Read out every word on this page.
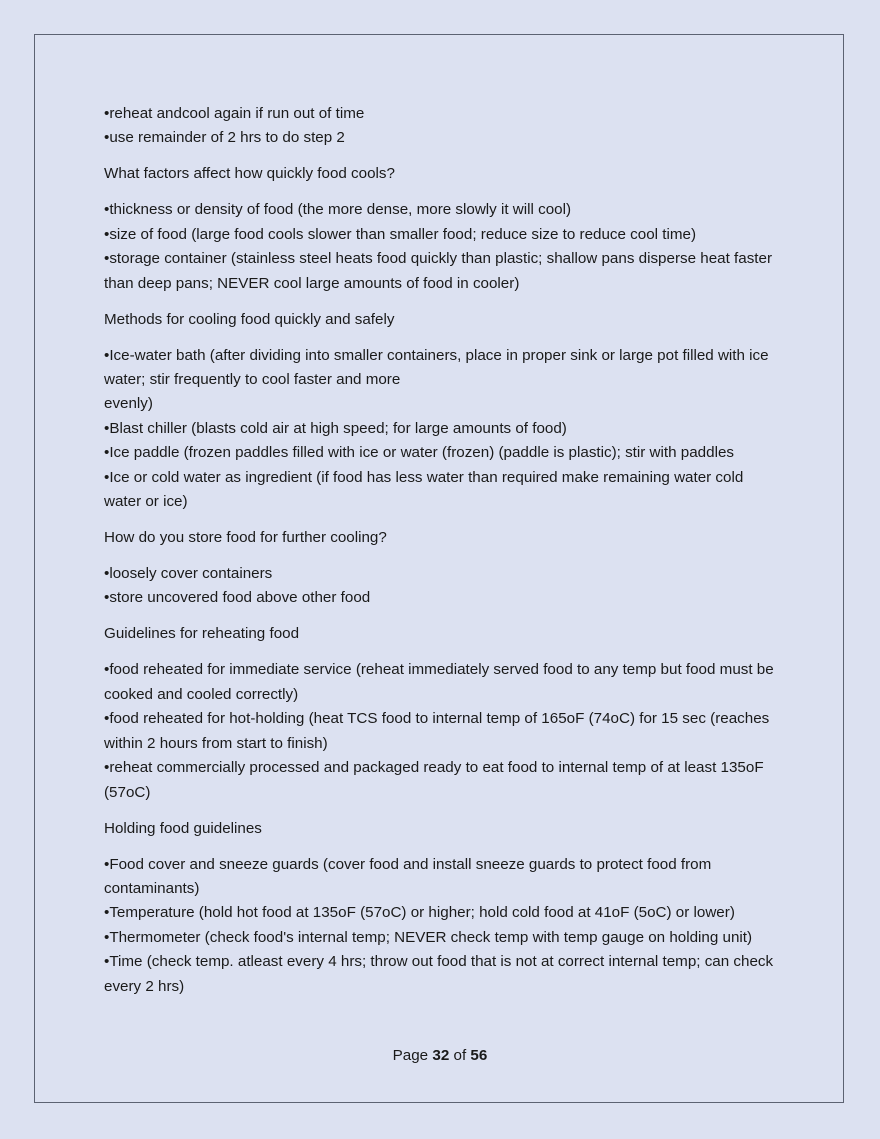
•reheat andcool again if run out of time

•use remainder of 2 hrs to do step 2

What factors affect how quickly food cools?

•thickness or density of food (the more dense, more slowly it will cool)

•size of food (large food cools slower than smaller food; reduce size to reduce cool time)

•storage container (stainless steel heats food quickly than plastic; shallow pans disperse heat faster than deep pans; NEVER cool large amounts of food in cooler)

Methods for cooling food quickly and safely

•Ice-water bath (after dividing into smaller containers, place in proper sink or large pot filled with ice water; stir frequently to cool faster and more

evenly)

•Blast chiller (blasts cold air at high speed; for large amounts of food)

•Ice paddle (frozen paddles filled with ice or water (frozen) (paddle is plastic); stir with paddles

•Ice or cold water as ingredient (if food has less water than required make remaining water cold water or ice)

How do you store food for further cooling?

•loosely cover containers

•store uncovered food above other food

Guidelines for reheating food

•food reheated for immediate service (reheat immediately served food to any temp but food must be cooked and cooled correctly)

•food reheated for hot-holding (heat TCS food to internal temp of 165oF (74oC) for 15 sec (reaches within 2 hours from start to finish)

•reheat commercially processed and packaged ready to eat food to internal temp of at least 135oF (57oC)

Holding food guidelines

•Food cover and sneeze guards (cover food and install sneeze guards to protect food from contaminants)

•Temperature (hold hot food at 135oF (57oC) or higher; hold cold food at 41oF (5oC) or lower)

•Thermometer (check food's internal temp; NEVER check temp with temp gauge on holding unit)

•Time (check temp. atleast every 4 hrs; throw out food that is not at correct internal temp; can check every 2 hrs)

Page 32 of 56
